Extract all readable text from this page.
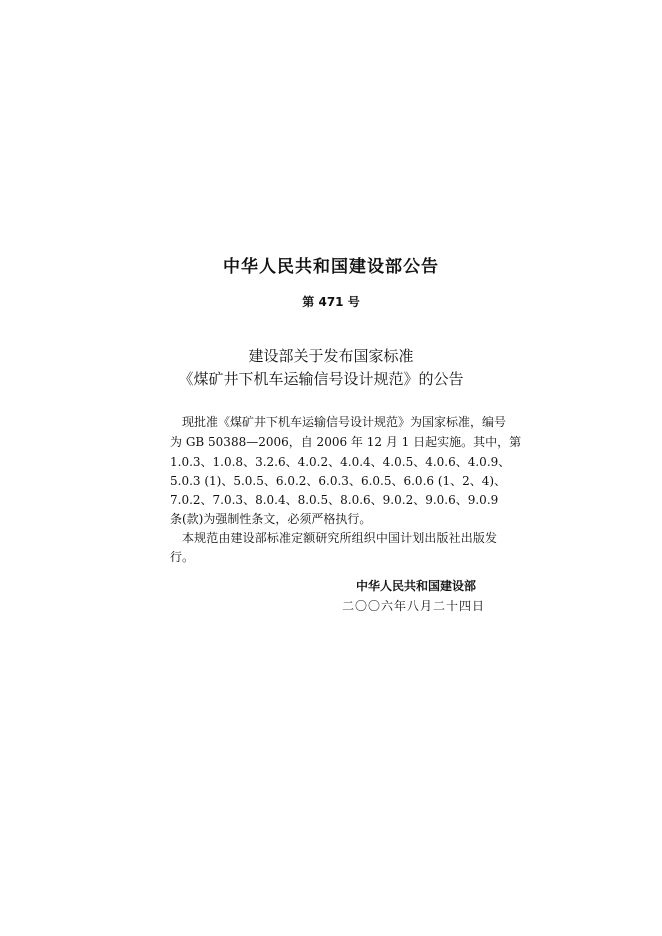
中华人民共和国建设部公告
第 471 号
建设部关于发布国家标准
《煤矿井下机车运输信号设计规范》的公告
现批准《煤矿井下机车运输信号设计规范》为国家标准，编号
为 GB 50388—2006，自 2006 年 12 月 1 日起实施。其中，第
1.0.3、1.0.8、3.2.6、4.0.2、4.0.4、4.0.5、4.0.6、4.0.9、
5.0.3 (1)、5.0.5、6.0.2、6.0.3、6.0.5、6.0.6 (1、2、4)、
7.0.2、7.0.3、8.0.4、8.0.5、8.0.6、9.0.2、9.0.6、9.0.9
条(款)为强制性条文，必须严格执行。
本规范由建设部标准定额研究所组织中国计划出版社出版发
行。
中华人民共和国建设部
二〇〇六年八月二十四日
